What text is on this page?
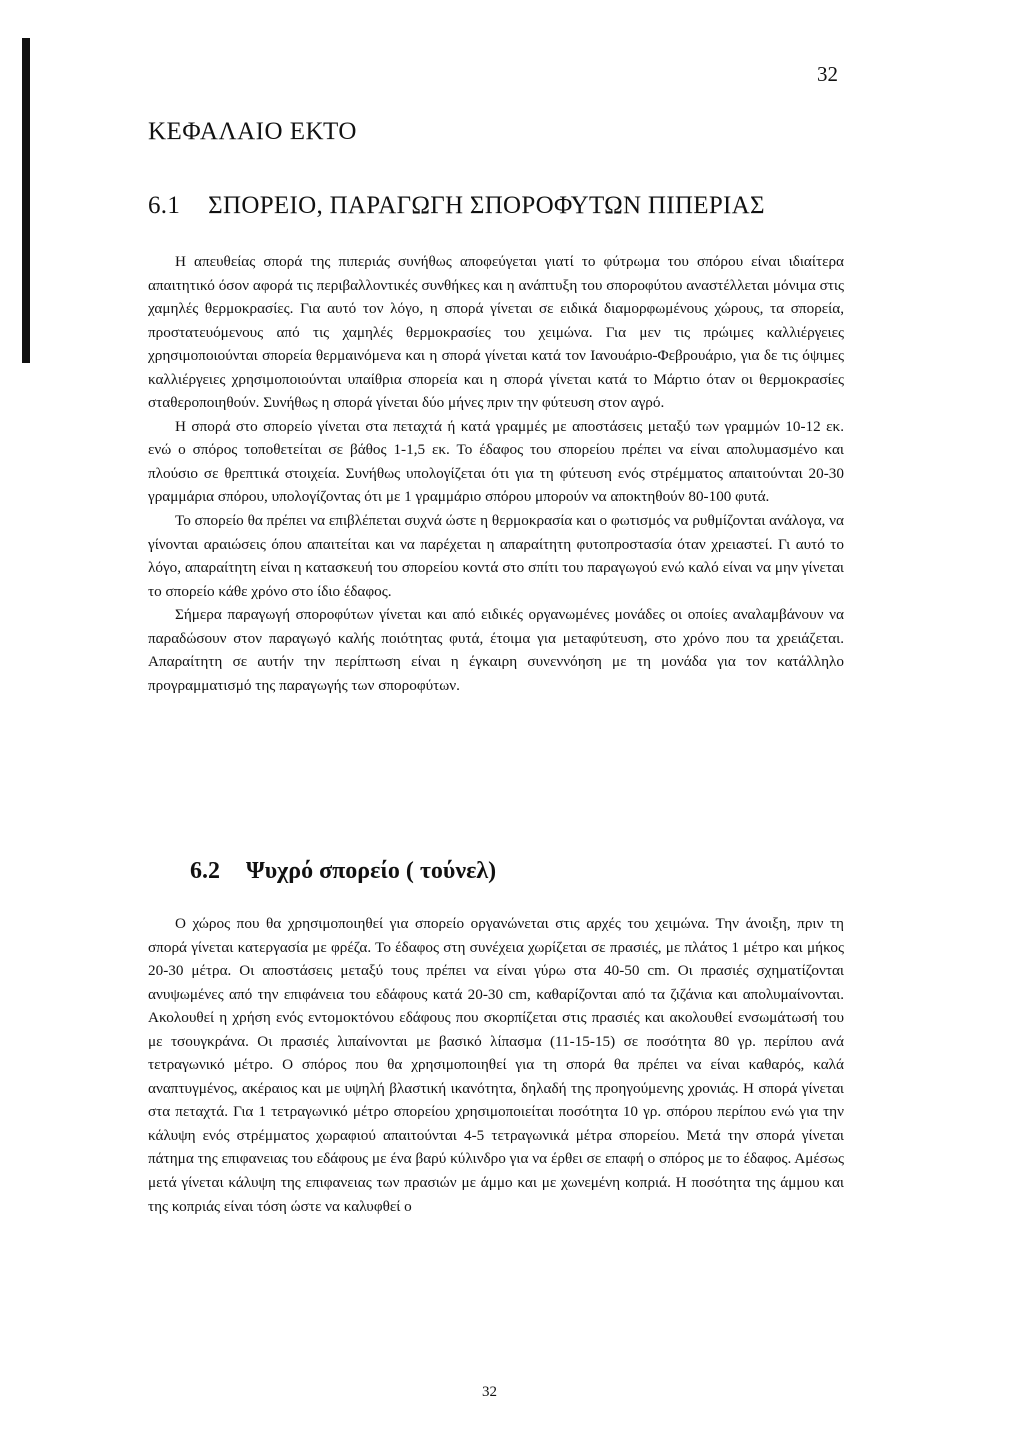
32
ΚΕΦΑΛΑΙΟ ΕΚΤΟ
6.1 ΣΠΟΡΕΙΟ, ΠΑΡΑΓΩΓΗ ΣΠΟΡΟΦΥΤΩΝ ΠΙΠΕΡΙΑΣ

Η απευθείας σπορά της πιπεριάς συνήθως αποφεύγεται γιατί το φύτρωμα του σπόρου είναι ιδιαίτερα απαιτητικό όσον αφορά τις περιβαλλοντικές συνθήκες και η ανάπτυξη του σποροφύτου αναστέλλεται μόνιμα στις χαμηλές θερμοκρασίες. Για αυτό τον λόγο, η σπορά γίνεται σε ειδικά διαμορφωμένους χώρους, τα σπορεία, προστατευόμενους από τις χαμηλές θερμοκρασίες του χειμώνα. Για μεν τις πρώιμες καλλιέργειες χρησιμοποιούνται σπορεία θερμαινόμενα και η σπορά γίνεται κατά τον Ιανουάριο-Φεβρουάριο, για δε τις όψιμες καλλιέργειες χρησιμοποιούνται υπαίθρια σπορεία και η σπορά γίνεται κατά το Μάρτιο όταν οι θερμοκρασίες σταθεροποιηθούν. Συνήθως η σπορά γίνεται δύο μήνες πριν την φύτευση στον αγρό.

Η σπορά στο σπορείο γίνεται στα πεταχτά ή κατά γραμμές με αποστάσεις μεταξύ των γραμμών 10-12 εκ. ενώ ο σπόρος τοποθετείται σε βάθος 1-1,5 εκ. Το έδαφος του σπορείου πρέπει να είναι απολυμασμένο και πλούσιο σε θρεπτικά στοιχεία. Συνήθως υπολογίζεται ότι για τη φύτευση ενός στρέμματος απαιτούνται 20-30 γραμμάρια σπόρου, υπολογίζοντας ότι με 1 γραμμάριο σπόρου μπορούν να αποκτηθούν 80-100 φυτά.

Το σπορείο θα πρέπει να επιβλέπεται συχνά ώστε η θερμοκρασία και ο φωτισμός να ρυθμίζονται ανάλογα, να γίνονται αραιώσεις όπου απαιτείται και να παρέχεται η απαραίτητη φυτοπροστασία όταν χρειαστεί. Γι αυτό το λόγο, απαραίτητη είναι η κατασκευή του σπορείου κοντά στο σπίτι του παραγωγού ενώ καλό είναι να μην γίνεται το σπορείο κάθε χρόνο στο ίδιο έδαφος.

Σήμερα παραγωγή σποροφύτων γίνεται και από ειδικές οργανωμένες μονάδες οι οποίες αναλαμβάνουν να παραδώσουν στον παραγωγό καλής ποιότητας φυτά, έτοιμα για μεταφύτευση, στο χρόνο που τα χρειάζεται. Απαραίτητη σε αυτήν την περίπτωση είναι η έγκαιρη συνεννόηση με τη μονάδα για τον κατάλληλο προγραμματισμό της παραγωγής των σποροφύτων.

6.2 Ψυχρό σπορείο ( τούνελ)

Ο χώρος που θα χρησιμοποιηθεί για σπορείο οργανώνεται στις αρχές του χειμώνα. Την άνοιξη, πριν τη σπορά γίνεται κατεργασία με φρέζα. Το έδαφος στη συνέχεια χωρίζεται σε πρασιές, με πλάτος 1 μέτρο και μήκος 20-30 μέτρα. Οι αποστάσεις μεταξύ τους πρέπει να είναι γύρω στα 40-50 cm. Οι πρασιές σχηματίζονται ανυψωμένες από την επιφάνεια του εδάφους κατά 20-30 cm, καθαρίζονται από τα ζιζάνια και απολυμαίνονται. Ακολουθεί η χρήση ενός εντομοκτόνου εδάφους που σκορπίζεται στις πρασιές και ακολουθεί ενσωμάτωσή του με τσουγκράνα. Οι πρασιές λιπαίνονται με βασικό λίπασμα (11-15-15) σε ποσότητα 80 γρ. περίπου ανά τετραγωνικό μέτρο. Ο σπόρος που θα χρησιμοποιηθεί για τη σπορά θα πρέπει να είναι καθαρός, καλά αναπτυγμένος, ακέραιος και με υψηλή βλαστική ικανότητα, δηλαδή της προηγούμενης χρονιάς. Η σπορά γίνεται στα πεταχτά. Για 1 τετραγωνικό μέτρο σπορείου χρησιμοποιείται ποσότητα 10 γρ. σπόρου περίπου ενώ για την κάλυψη ενός στρέμματος χωραφιού απαιτούνται 4-5 τετραγωνικά μέτρα σπορείου. Μετά την σπορά γίνεται πάτημα της επιφανειας του εδάφους με ένα βαρύ κύλινδρο για να έρθει σε επαφή ο σπόρος με το έδαφος. Αμέσως μετά γίνεται κάλυψη της επιφανειας των πρασιών με άμμο και με χωνεμένη κοπριά. Η ποσότητα της άμμου και της κοπριάς είναι τόση ώστε να καλυφθεί ο

32
